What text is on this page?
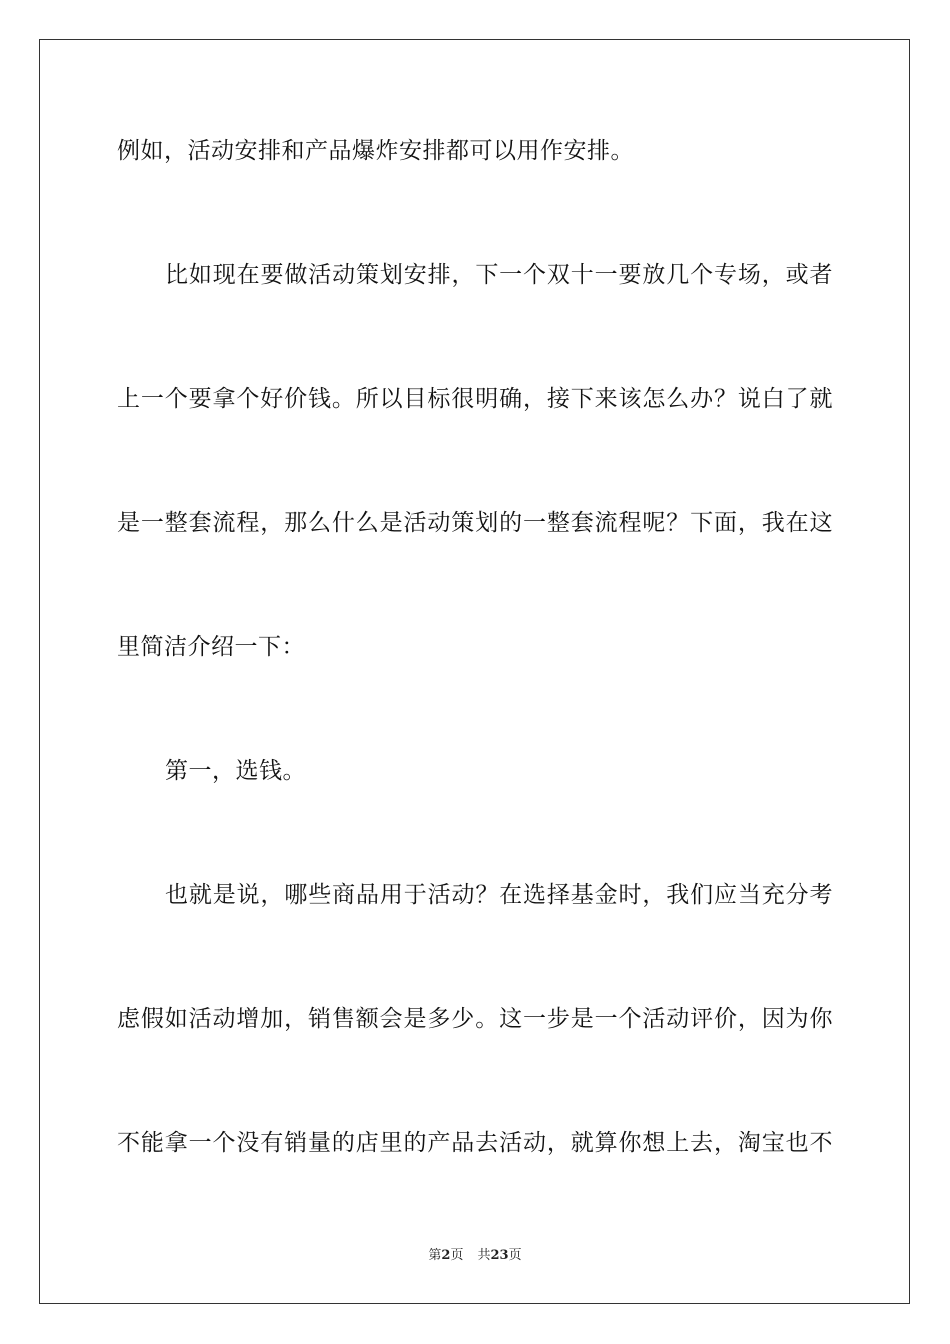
例如，活动安排和产品爆炸安排都可以用作安排。
比如现在要做活动策划安排，下一个双十一要放几个专场，或者
上一个要拿个好价钱。所以目标很明确，接下来该怎么办？说白了就
是一整套流程，那么什么是活动策划的一整套流程呢？下面，我在这
里简洁介绍一下：
第一，选钱。
也就是说，哪些商品用于活动？在选择基金时，我们应当充分考
虑假如活动增加，销售额会是多少。这一步是一个活动评价，因为你
不能拿一个没有销量的店里的产品去活动，就算你想上去，淘宝也不
第2页 共23页
